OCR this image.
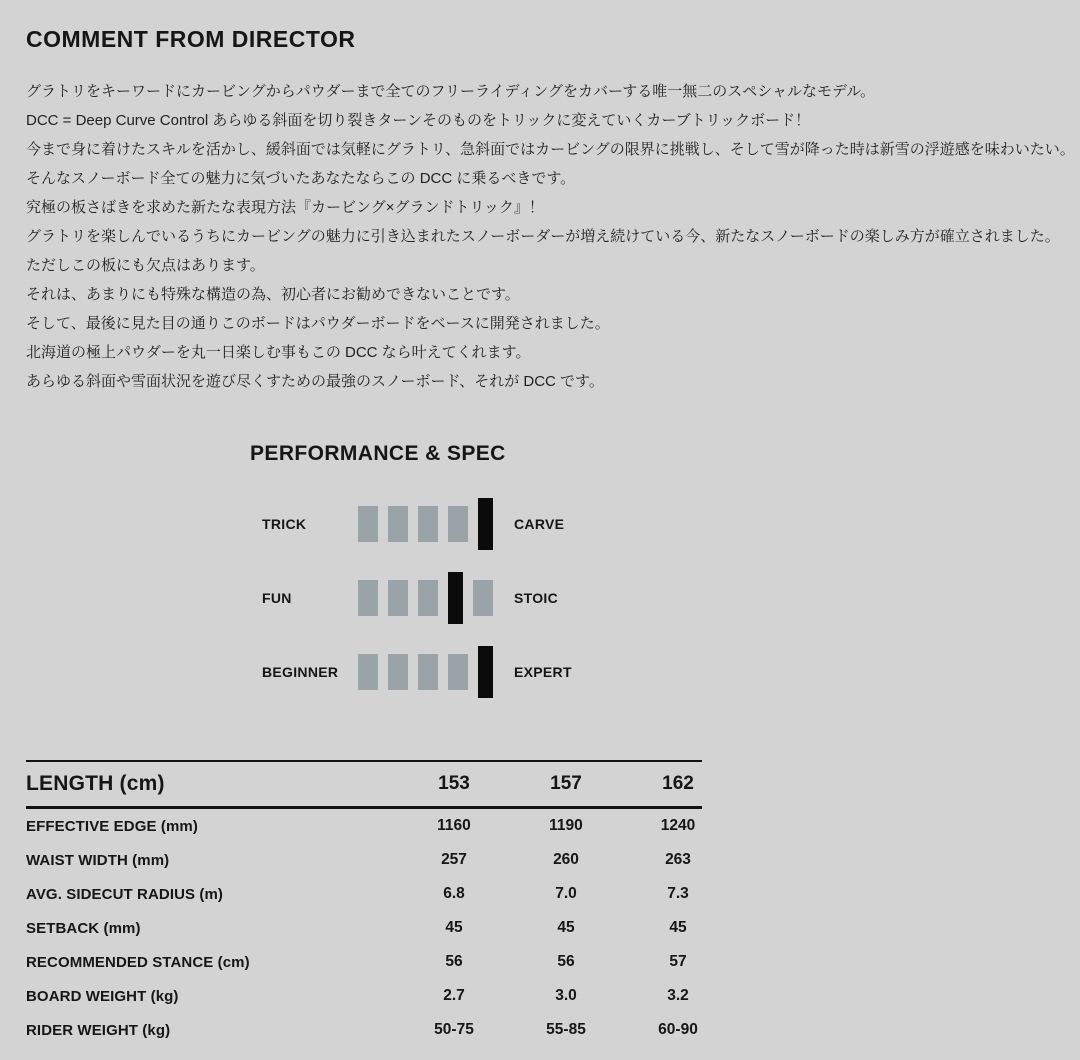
COMMENT FROM DIRECTOR

グラトリをキーワードにカービングからパウダーまで全てのフリーライディングをカバーする唯一無二のスペシャルなモデル。

DCC = Deep Curve Control あらゆる斜面を切り裂きターンそのものをトリックに変えていくカーブトリックボード！

今まで身に着けたスキルを活かし、緩斜面では気軽にグラトリ、急斜面ではカービングの限界に挑戦し、そして雪が降った時は新雪の浮遊感を味わいたい。

そんなスノーボード全ての魅力に気づいたあなたならこの DCC に乗るべきです。

究極の板さばきを求めた新たな表現方法『カービング×グランドトリック』！

グラトリを楽しんでいるうちにカービングの魅力に引き込まれたスノーボーダーが増え続けている今、新たなスノーボードの楽しみ方が確立されました。

ただしこの板にも欠点はあります。

それは、あまりにも特殊な構造の為、初心者にお勧めできないことです。

そして、最後に見た目の通りこのボードはパウダーボードをベースに開発されました。

北海道の極上パウダーを丸一日楽しむ事もこの DCC なら叶えてくれます。

あらゆる斜面や雪面状況を遊び尽くすための最強のスノーボード、それが DCC です。

PERFORMANCE & SPEC
TRICK	CARVE
FUN	STOIC
BEGINNER	EXPERT
LENGTH (cm)	153	157	162
EFFECTIVE EDGE (mm)	1160	1190	1240
WAIST WIDTH (mm)	257	260	263
AVG. SIDECUT RADIUS (m)	6.8	7.0	7.3
SETBACK (mm)	45	45	45
RECOMMENDED STANCE (cm)	56	56	57
BOARD WEIGHT (kg)	2.7	3.0	3.2
RIDER WEIGHT (kg)	50-75	55-85	60-90
